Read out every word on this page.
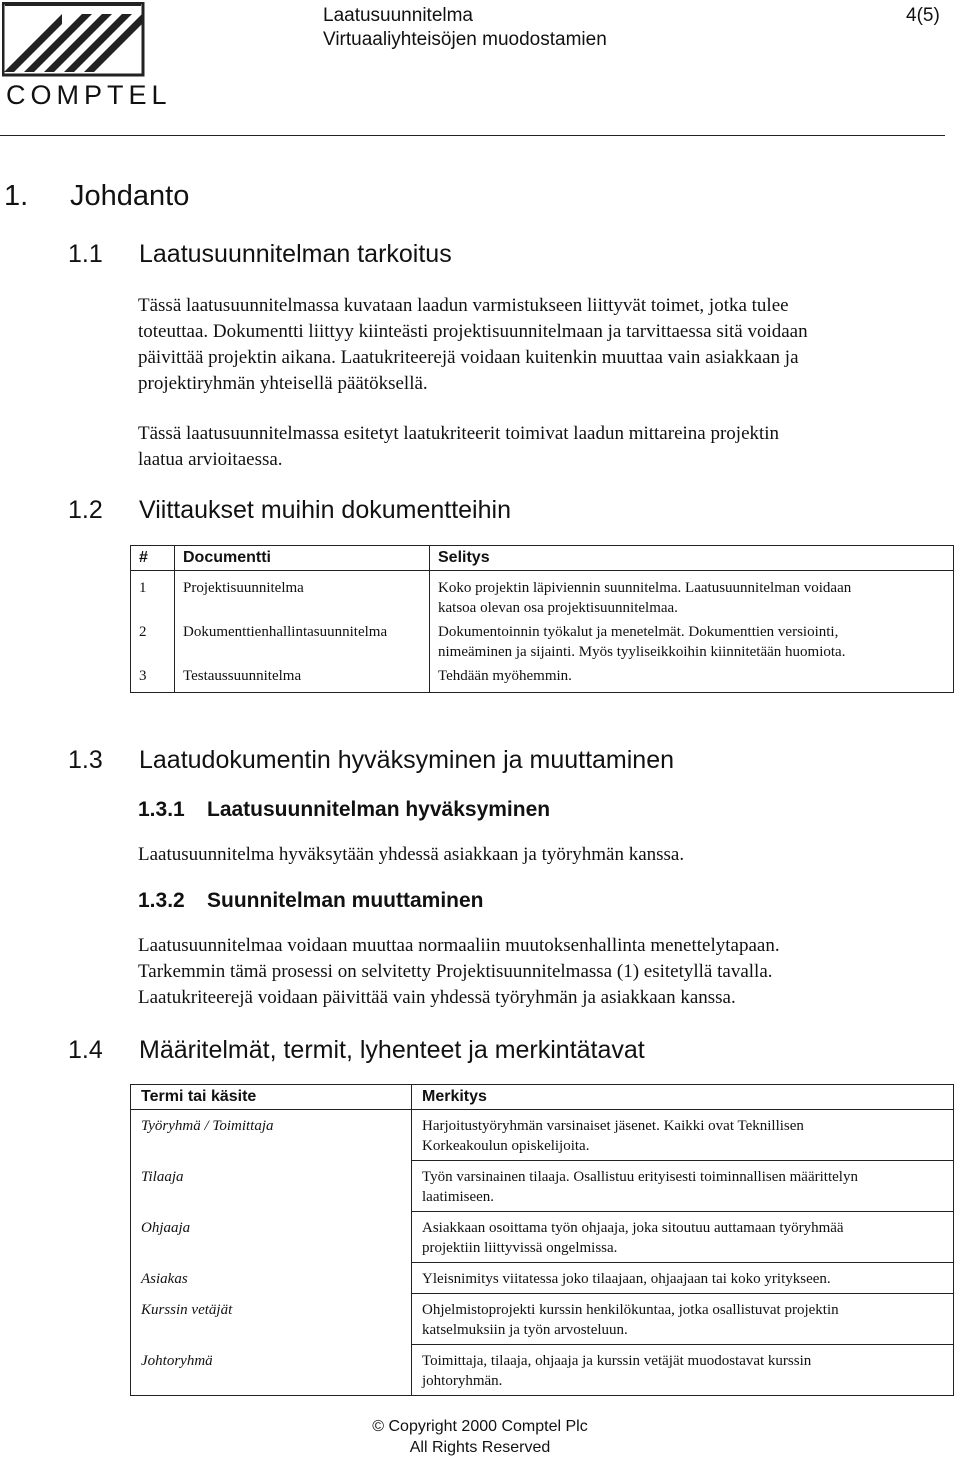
COMPTEL
Laatusuunnitelma
Virtuaaliyhteisöjen muodostamien
4(5)
1. Johdanto
1.1 Laatusuunnitelman tarkoitus
Tässä laatusuunnitelmassa kuvataan laadun varmistukseen liittyvät toimet, jotka tulee
toteuttaa. Dokumentti liittyy kiinteästi projektisuunnitelmaan ja tarvittaessa sitä voidaan
päivittää projektin aikana. Laatukriteerejä voidaan kuitenkin muuttaa vain asiakkaan ja
projektiryhmän yhteisellä päätöksellä.
Tässä laatusuunnitelmassa esitetyt laatukriteerit toimivat laadun mittareina projektin
laatua arvioitaessa.
1.2 Viittaukset muihin dokumentteihin
#	Documentti	Selitys
1	Projektisuunnitelma	Koko projektin läpiviennin suunnitelma. Laatusuunnitelman voidaan
katsoa olevan osa projektisuunnitelmaa.

2	Dokumenttienhallintasuunnitelma	Dokumentoinnin työkalut ja menetelmät. Dokumenttien versiointi,
nimeäminen ja sijainti. Myös tyyliseikkoihin kiinnitetään huomiota.

3	Testaussuunnitelma	Tehdään myöhemmin.
1.3 Laatudokumentin hyväksyminen ja muuttaminen
1.3.1 Laatusuunnitelman hyväksyminen
Laatusuunnitelma hyväksytään yhdessä asiakkaan ja työryhmän kanssa.
1.3.2 Suunnitelman muuttaminen
Laatusuunnitelmaa voidaan muuttaa normaaliin muutoksenhallinta menettelytapaan.
Tarkemmin tämä prosessi on selvitetty Projektisuunnitelmassa (1) esitetyllä tavalla.
Laatukriteerejä voidaan päivittää vain yhdessä työryhmän ja asiakkaan kanssa.
1.4 Määritelmät, termit, lyhenteet ja merkintätavat
Termi tai käsite	Merkitys
Työryhmä / Toimittaja	Harjoitustyöryhmän varsinaiset jäsenet. Kaikki ovat Teknillisen
Korkeakoulun opiskelijoita.

Tilaaja	Työn varsinainen tilaaja. Osallistuu erityisesti toiminnallisen määrittelyn
laatimiseen.

Ohjaaja	Asiakkaan osoittama työn ohjaaja, joka sitoutuu auttamaan työryhmää
projektiin liittyvissä ongelmissa.

Asiakas	Yleisnimitys viitatessa joko tilaajaan, ohjaajaan tai koko yritykseen.
Kurssin vetäjät	Ohjelmistoprojekti kurssin henkilökuntaa, jotka osallistuvat projektin
katselmuksiin ja työn arvosteluun.

Johtoryhmä	Toimittaja, tilaaja, ohjaaja ja kurssin vetäjät muodostavat kurssin
johtoryhmän.
© Copyright 2000 Comptel Plc
All Rights Reserved
